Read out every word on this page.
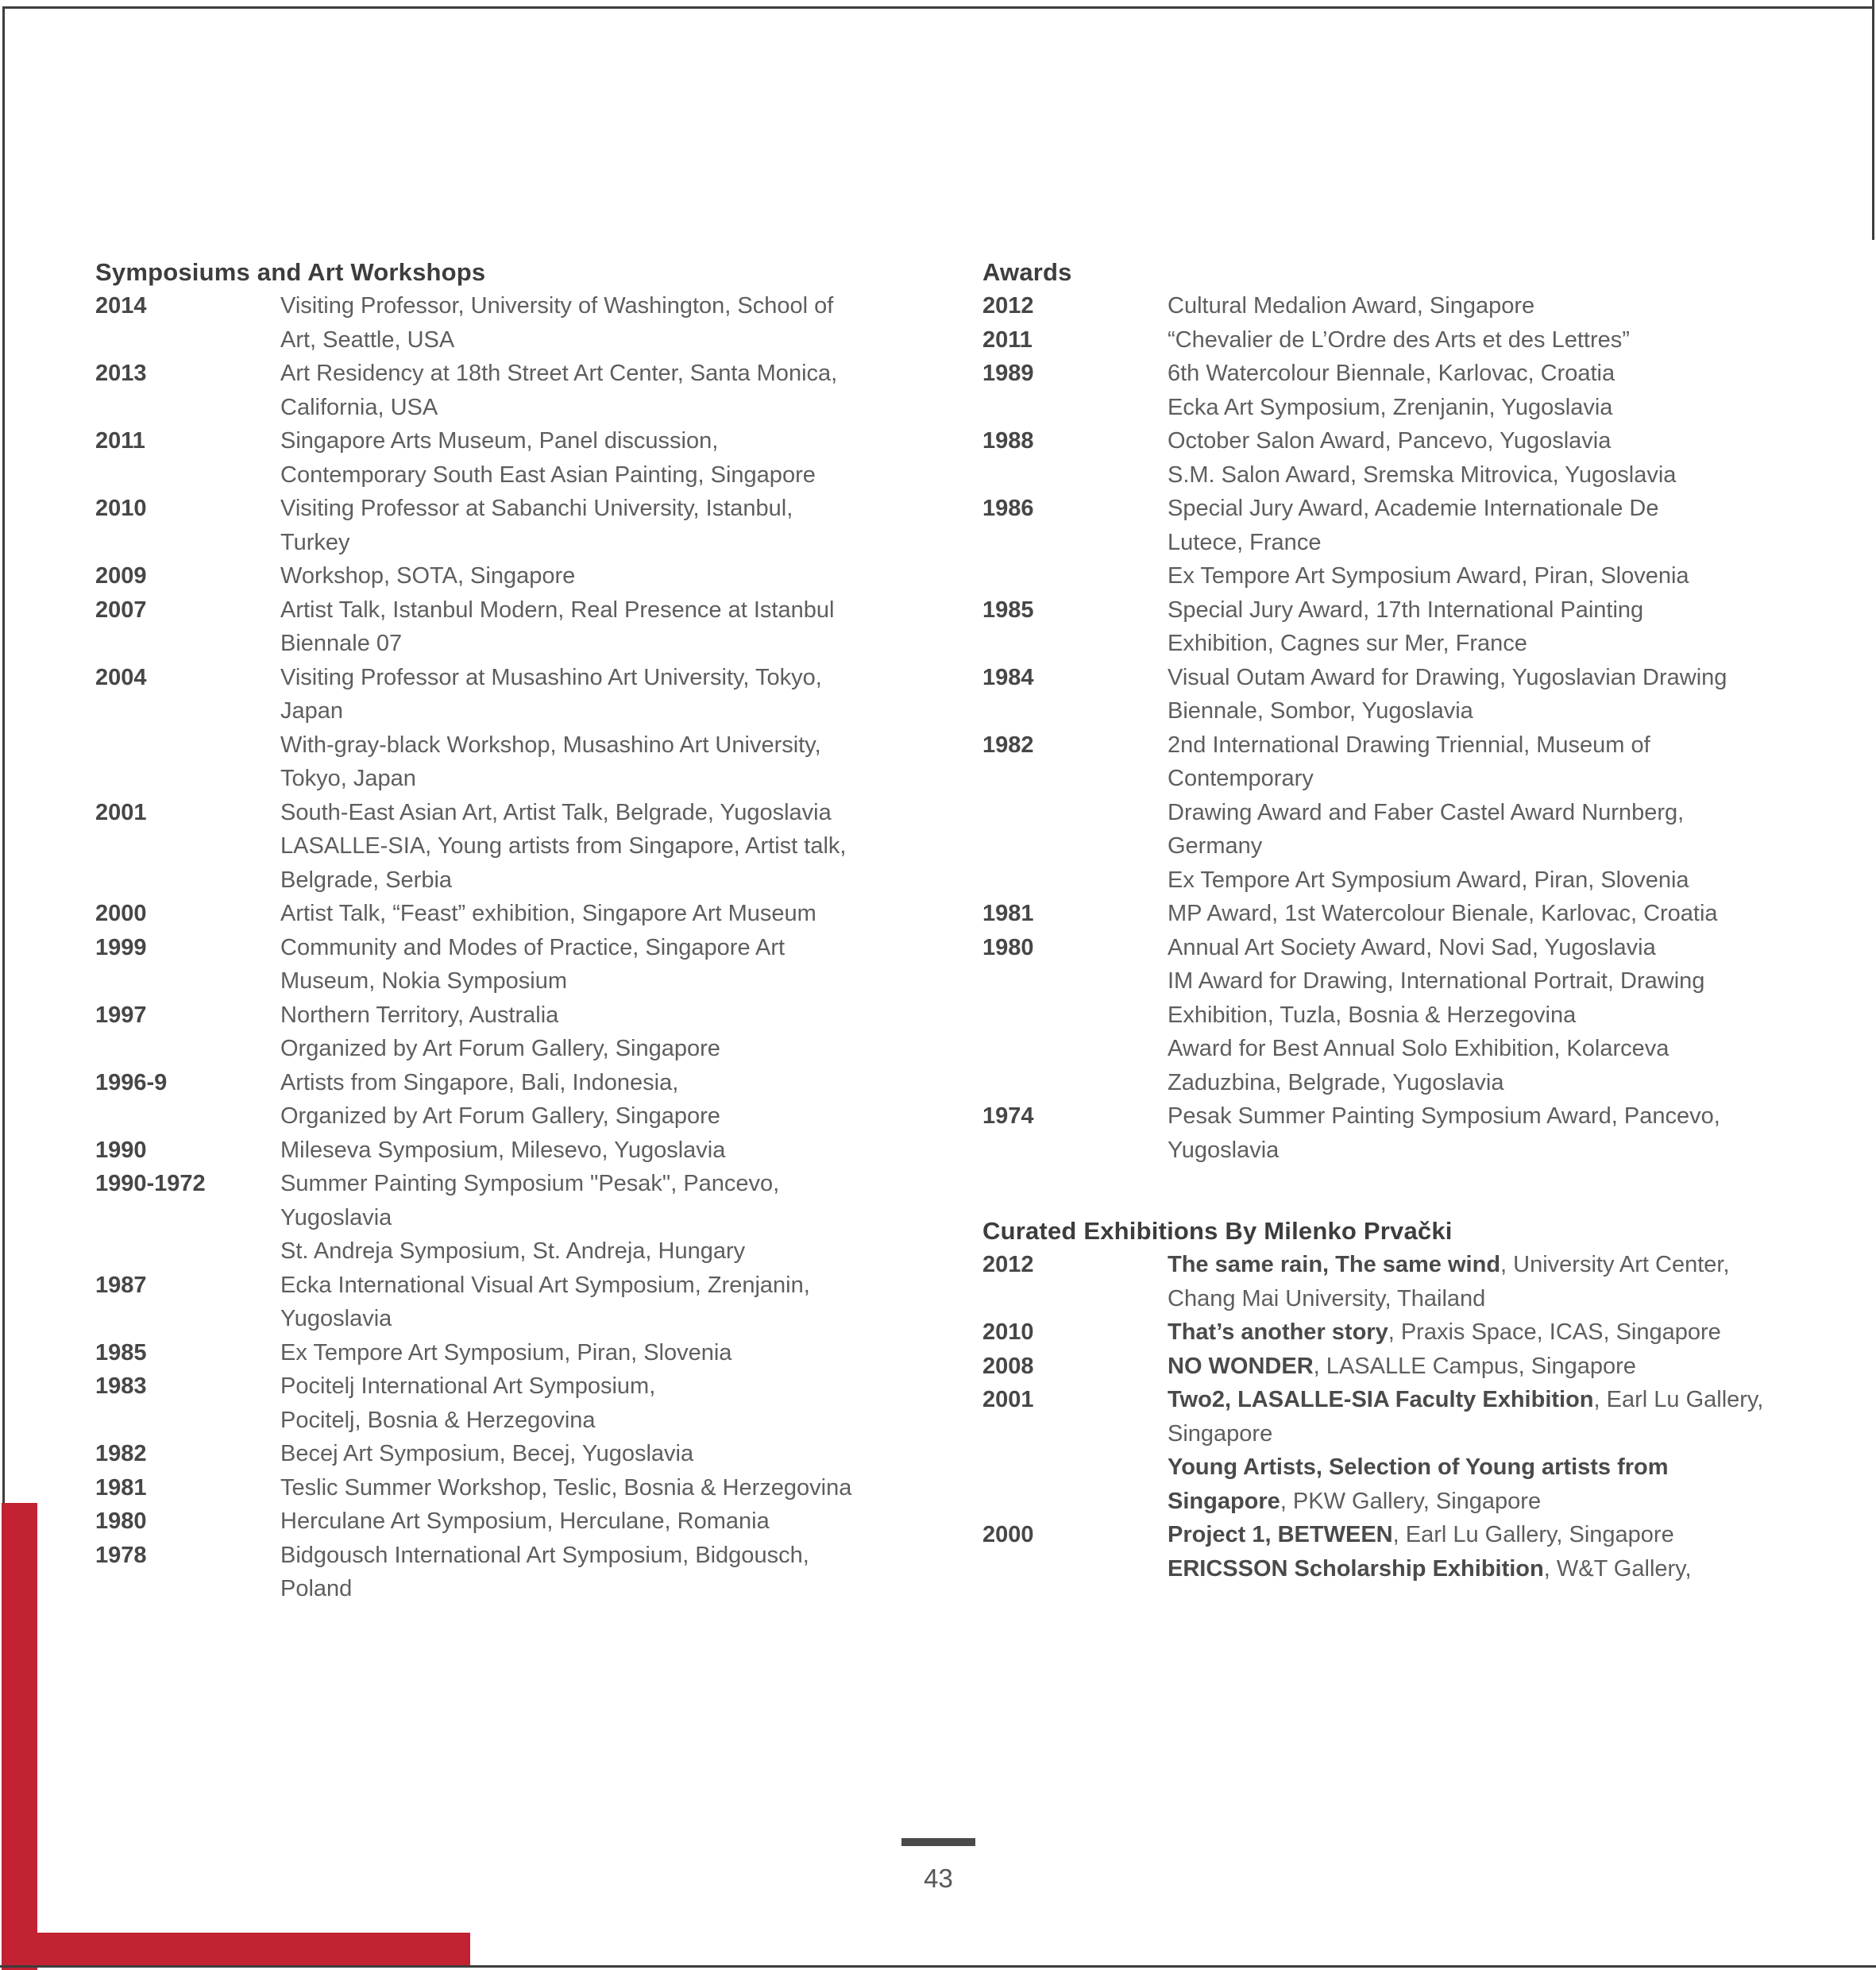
Symposiums and Art Workshops
2014	Visiting Professor, University of Washington, School of
Art, Seattle, USA
2013	Art Residency at 18th Street Art Center, Santa Monica,
California, USA
2011	Singapore Arts Museum, Panel discussion,
Contemporary South East Asian Painting, Singapore
2010	Visiting Professor at Sabanchi University, Istanbul,
Turkey
2009	Workshop, SOTA, Singapore
2007	Artist Talk, Istanbul Modern, Real Presence at Istanbul
Biennale 07
2004	Visiting Professor at Musashino Art University, Tokyo,
Japan
With-gray-black Workshop, Musashino Art University,
Tokyo, Japan
2001	South-East Asian Art, Artist Talk, Belgrade, Yugoslavia
LASALLE-SIA, Young artists from Singapore, Artist talk,
Belgrade, Serbia
2000	Artist Talk, “Feast” exhibition, Singapore Art Museum
1999	Community and Modes of Practice, Singapore Art
Museum, Nokia Symposium
1997	Northern Territory, Australia
Organized by Art Forum Gallery, Singapore
1996-9	Artists from Singapore, Bali, Indonesia,
Organized by Art Forum Gallery, Singapore
1990	Mileseva Symposium, Milesevo, Yugoslavia
1990-1972	Summer Painting Symposium "Pesak", Pancevo,
Yugoslavia
St. Andreja Symposium, St. Andreja, Hungary
1987	Ecka International Visual Art Symposium, Zrenjanin,
Yugoslavia
1985	Ex Tempore Art Symposium, Piran, Slovenia
1983	Pocitelj International Art Symposium,
Pocitelj, Bosnia & Herzegovina
1982	Becej Art Symposium, Becej, Yugoslavia
1981	Teslic Summer Workshop, Teslic, Bosnia & Herzegovina
1980	Herculane Art Symposium, Herculane, Romania
1978	Bidgousch International Art Symposium, Bidgousch,
Poland
Awards
2012	Cultural Medalion Award, Singapore
2011	“Chevalier de L’Ordre des Arts et des Lettres”
1989	6th Watercolour Biennale, Karlovac, Croatia
Ecka Art Symposium, Zrenjanin, Yugoslavia
1988	October Salon Award, Pancevo, Yugoslavia
S.M. Salon Award, Sremska Mitrovica, Yugoslavia
1986	Special Jury Award, Academie Internationale De
Lutece, France
Ex Tempore Art Symposium Award, Piran, Slovenia
1985	Special Jury Award, 17th International Painting
Exhibition, Cagnes sur Mer, France
1984	Visual Outam Award for Drawing, Yugoslavian Drawing
Biennale, Sombor, Yugoslavia
1982	2nd International Drawing Triennial, Museum of
Contemporary
Drawing Award and Faber Castel Award Nurnberg,
Germany
Ex Tempore Art Symposium Award, Piran, Slovenia
1981	MP Award, 1st Watercolour Bienale, Karlovac, Croatia
1980	Annual Art Society Award, Novi Sad, Yugoslavia
IM Award for Drawing, International Portrait, Drawing
Exhibition, Tuzla, Bosnia & Herzegovina
Award for Best Annual Solo Exhibition, Kolarceva
Zaduzbina, Belgrade, Yugoslavia
1974	Pesak Summer Painting Symposium Award, Pancevo,
Yugoslavia
Curated Exhibitions By Milenko Prvački
2012	The same rain, The same wind, University Art Center,
Chang Mai University, Thailand
2010	That’s another story, Praxis Space, ICAS, Singapore
2008	NO WONDER, LASALLE Campus, Singapore
2001	Two2, LASALLE-SIA Faculty Exhibition, Earl Lu Gallery,
Singapore
Young Artists, Selection of Young artists from
Singapore, PKW Gallery, Singapore
2000	Project 1, BETWEEN, Earl Lu Gallery, Singapore
ERICSSON Scholarship Exhibition, W&T Gallery,
43
